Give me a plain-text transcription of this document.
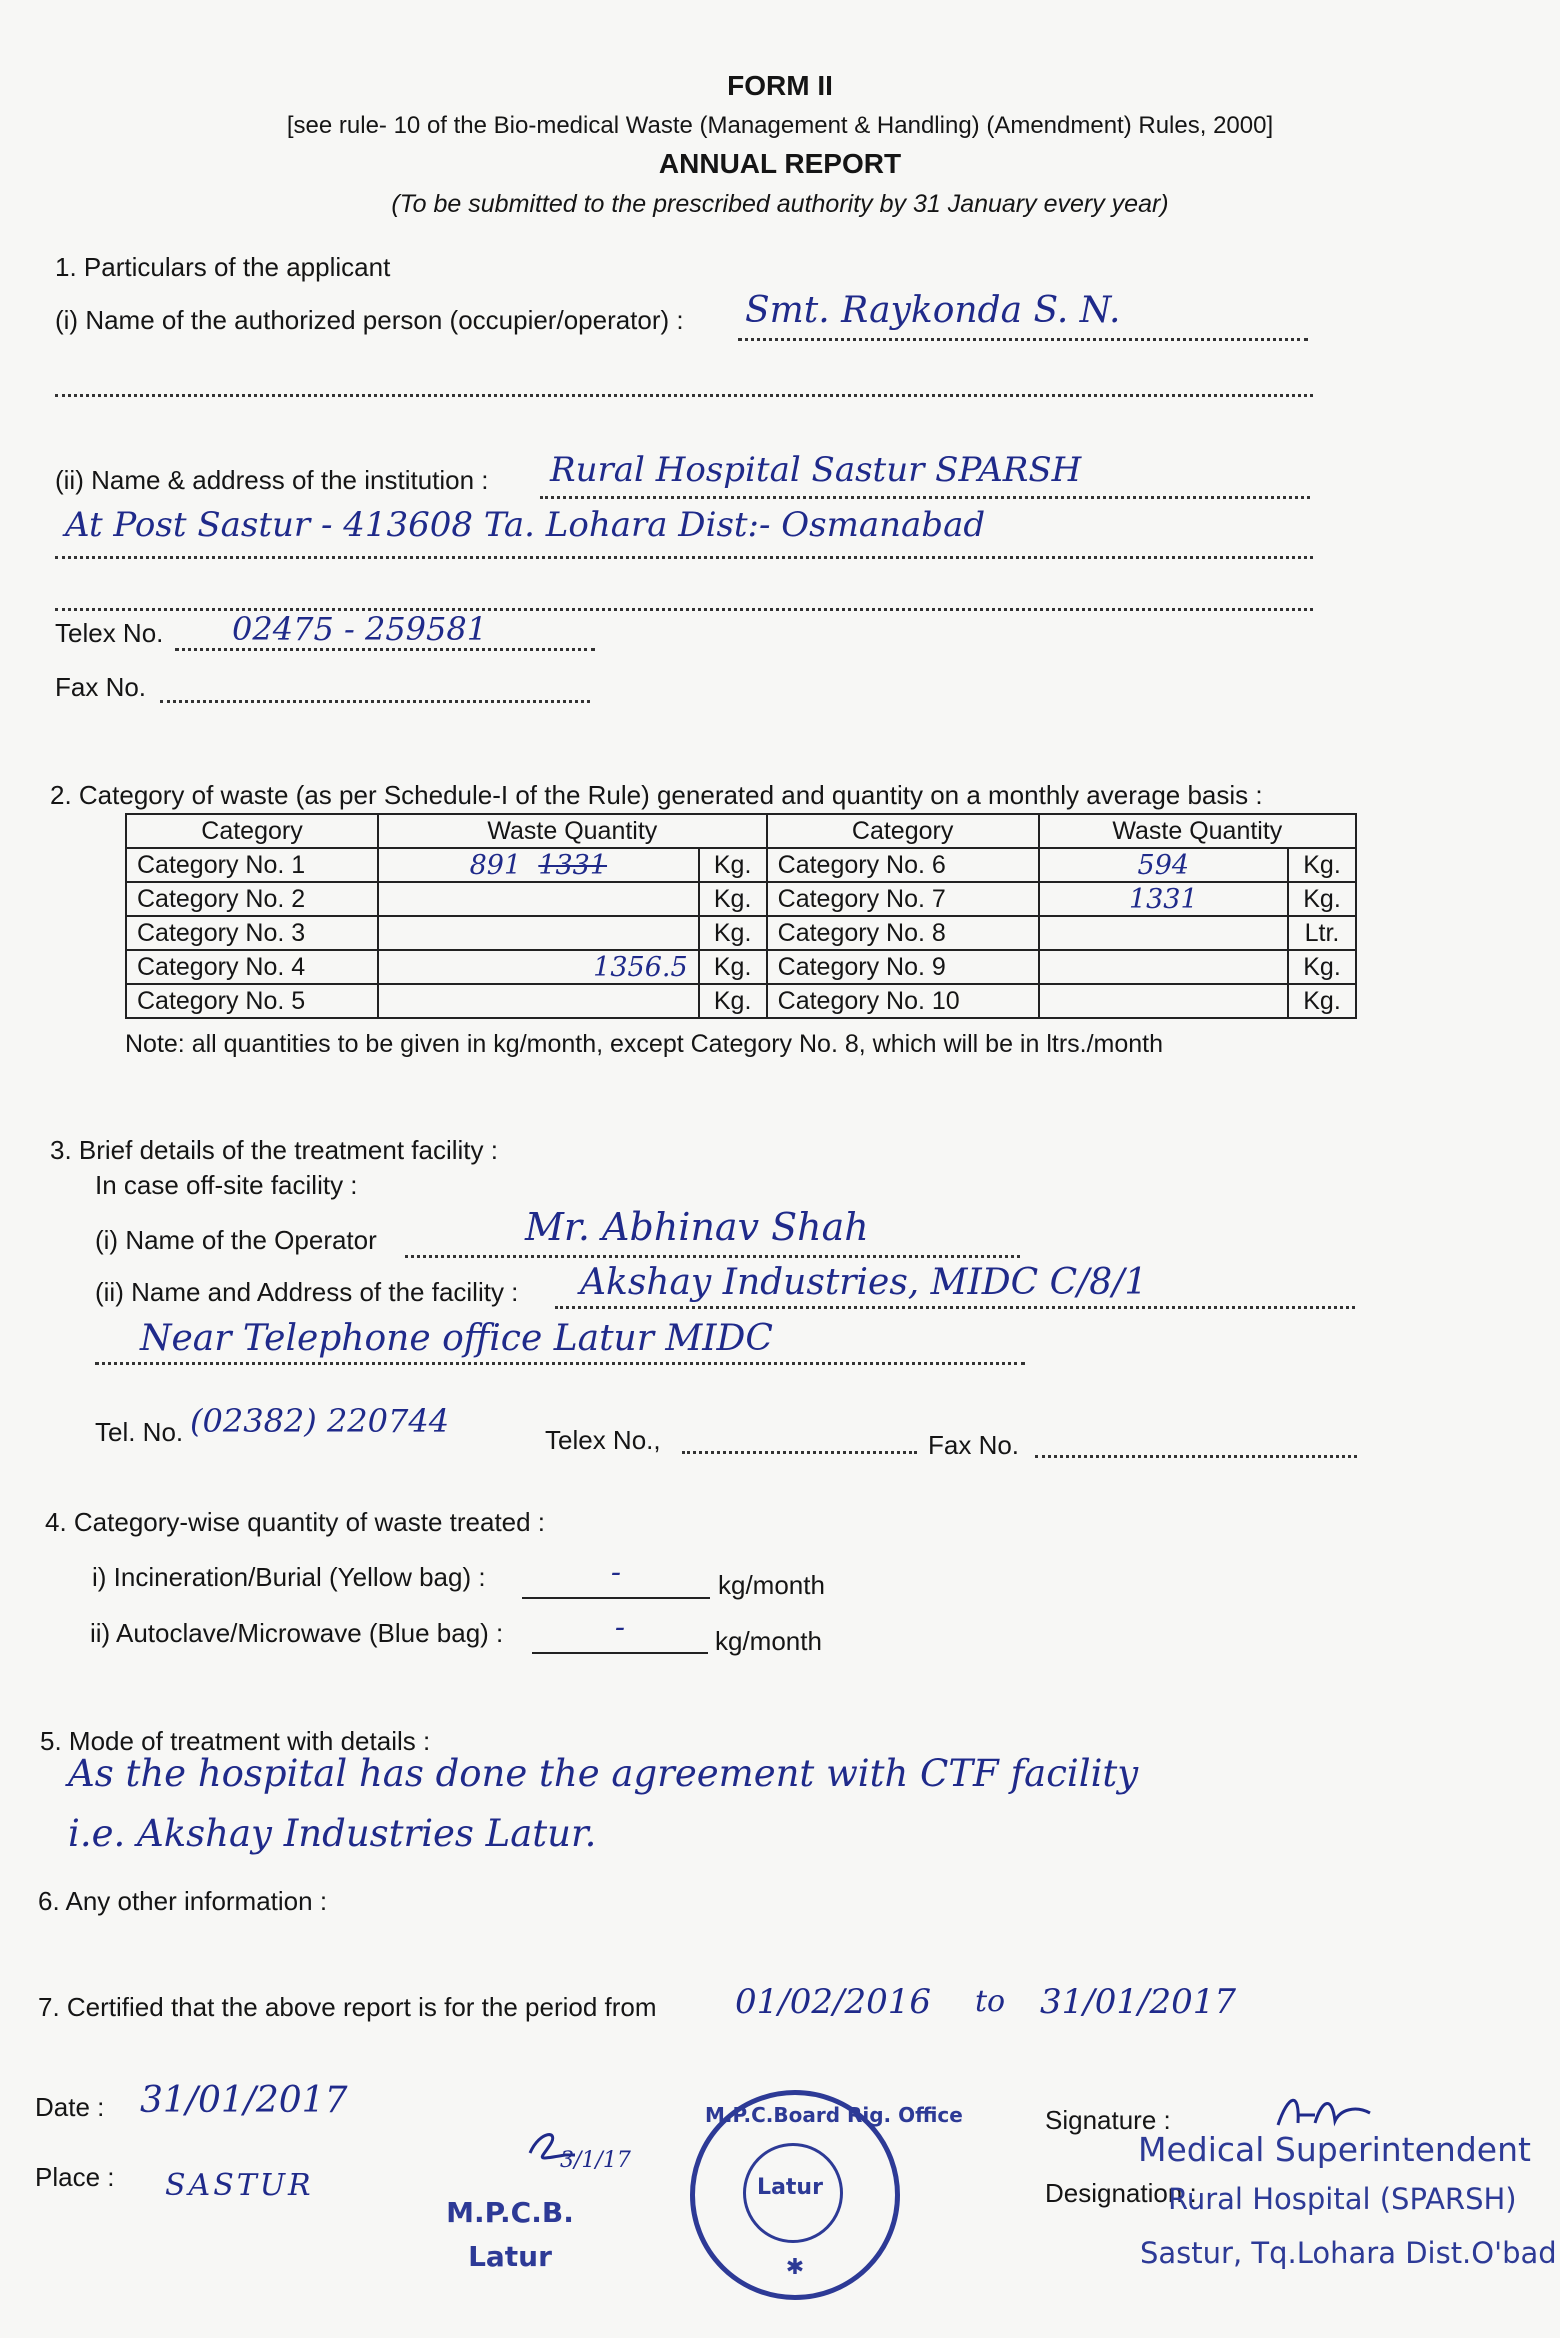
FORM II
[see rule- 10 of the Bio-medical Waste (Management & Handling) (Amendment) Rules, 2000]
ANNUAL REPORT
(To be submitted to the prescribed authority by 31 January every year)
1. Particulars of the applicant
(i) Name of the authorized person (occupier/operator) : Smt. Raykonda S. N.
(ii) Name & address of the institution : Rural Hospital Sastur SPARSH
At Post Sastur - 413608 Ta. Lohara Dist:- Osmanabad
Telex No. 02475 - 259581
Fax No.
2. Category of waste (as per Schedule-I of the Rule) generated and quantity on a monthly average basis :
Category	Waste Quantity		Category	Waste Quantity	
Category No. 1	891 1331	Kg.	Category No. 6	594	Kg.
Category No. 2		Kg.	Category No. 7	1331	Kg.
Category No. 3		Kg.	Category No. 8		Ltr.
Category No. 4	1356.5	Kg.	Category No. 9		Kg.
Category No. 5		Kg.	Category No. 10		Kg.
Note: all quantities to be given in kg/month, except Category No. 8, which will be in ltrs./month
3. Brief details of the treatment facility :
In case off-site facility :
(i) Name of the Operator	Mr. Abhinav Shah
(ii) Name and Address of the facility : Akshay Industries, MIDC C/8/1
Near Telephone office Latur MIDC
Tel. No. (02382) 220744	Telex No.,	Fax No.
4. Category-wise quantity of waste treated :
i) Incineration/Burial (Yellow bag) :	-	kg/month
ii) Autoclave/Microwave (Blue bag) :	-	kg/month
5. Mode of treatment with details :
As the hospital has done the agreement with CTF facility
i.e. Akshay Industries Latur.
6. Any other information :
7. Certified that the above report is for the period from 01/02/2016 to 31/01/2017
Date : 31/01/2017
Place : SASTUR
3/1/17
M.P.C.B.
Latur
M.P.C.Board Rig. Office
Latur
✱
Signature :
Designation :
Medical Superintendent
Rural Hospital (SPARSH)
Sastur, Tq.Lohara Dist.O'bad
